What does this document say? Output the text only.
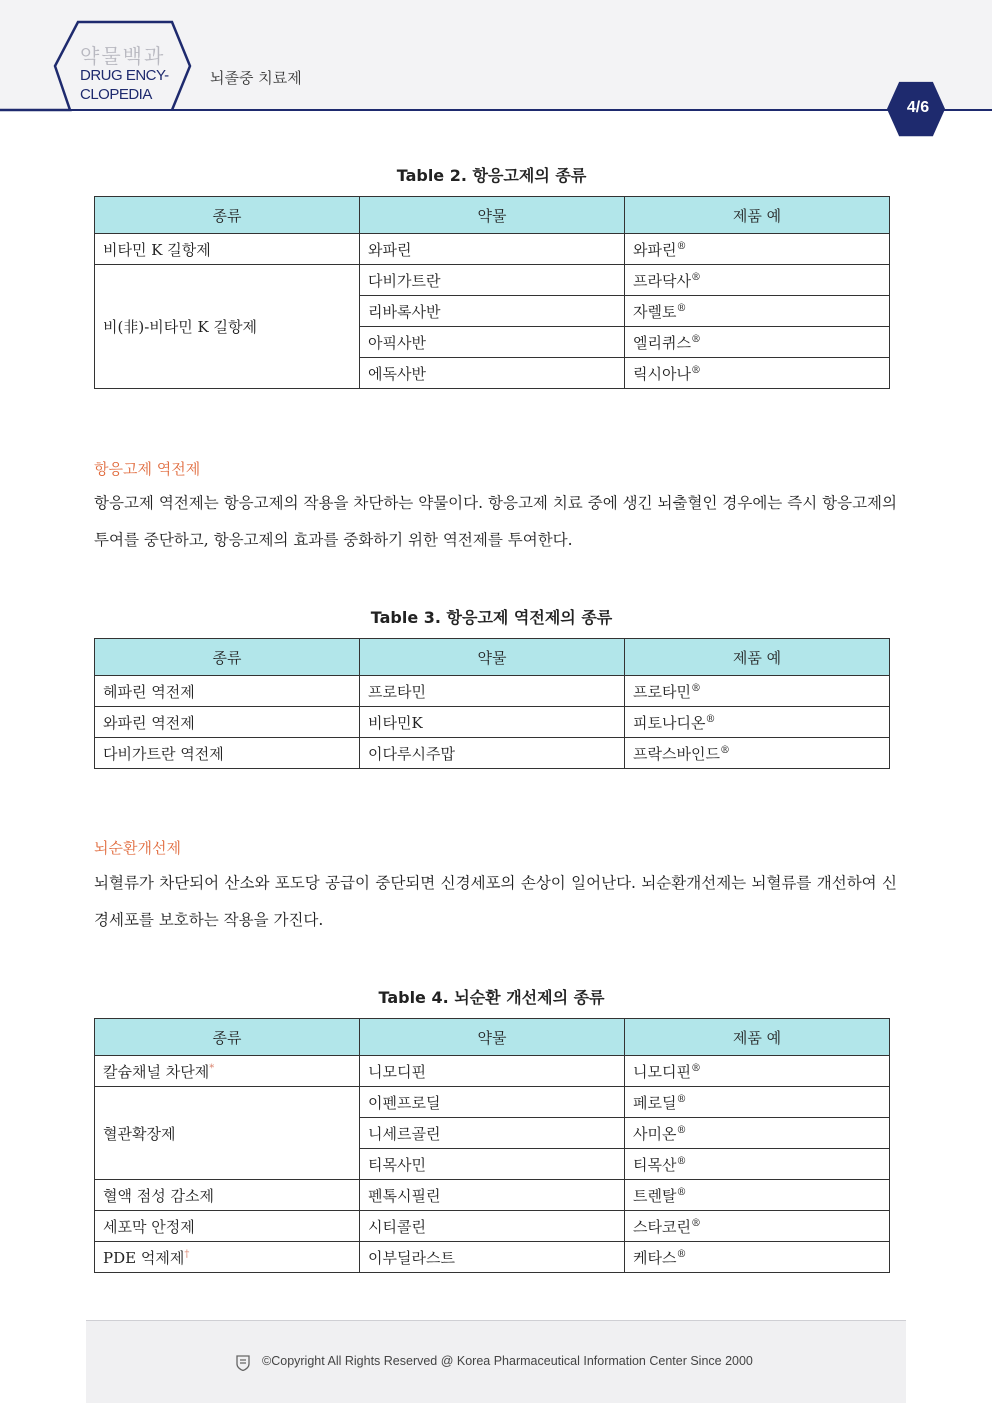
약물백과
DRUG ENCY-
CLOPEDIA
뇌졸중 치료제
4/6
Table 2. 항응고제의 종류
종류	약물	제품 예
비타민 K 길항제	와파린	와파린®
비(非)-비타민 K 길항제	다비가트란	프라닥사®
	리바록사반	자렐토®
	아픽사반	엘리퀴스®
	에독사반	릭시아나®
항응고제 역전제
항응고제 역전제는 항응고제의 작용을 차단하는 약물이다. 항응고제 치료 중에 생긴 뇌출혈인 경우에는 즉시 항응고제의 투여를 중단하고, 항응고제의 효과를 중화하기 위한 역전제를 투여한다.
Table 3. 항응고제 역전제의 종류
종류	약물	제품 예
헤파린 역전제	프로타민	프로타민®
와파린 역전제	비타민K	피토나디온®
다비가트란 역전제	이다루시주맙	프락스바인드®
뇌순환개선제
뇌혈류가 차단되어 산소와 포도당 공급이 중단되면 신경세포의 손상이 일어난다. 뇌순환개선제는 뇌혈류를 개선하여 신경세포를 보호하는 작용을 가진다.
Table 4. 뇌순환 개선제의 종류
종류	약물	제품 예
칼슘채널 차단제*	니모디핀	니모디핀®
혈관확장제	이펜프로딜	페로딜®
	니세르골린	사미온®
	티목사민	티목산®
혈액 점성 감소제	펜톡시필린	트렌탈®
세포막 안정제	시티콜린	스타코린®
PDE 억제제†	이부딜라스트	케타스®
©Copyright All Rights Reserved @ Korea Pharmaceutical Information Center Since 2000
